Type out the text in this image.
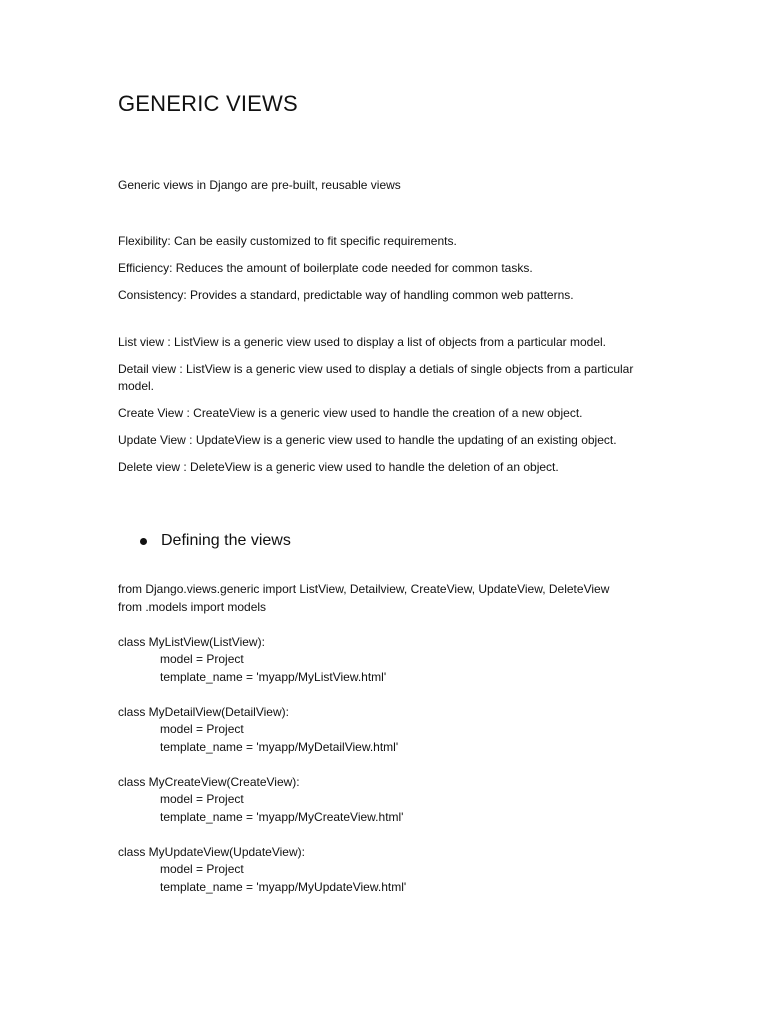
GENERIC VIEWS

Generic views in Django are pre-built, reusable views

Flexibility: Can be easily customized to fit specific requirements.

Efficiency: Reduces the amount of boilerplate code needed for common tasks.

Consistency: Provides a standard, predictable way of handling common web patterns.

List view : ListView is a generic view used to display a list of objects from a particular model.

Detail view : ListView is a generic view used to display a detials of single objects from a particular model.

Create View : CreateView is a generic view used to handle the creation of a new object.

Update View : UpdateView is a generic view used to handle the updating of an existing object.

Delete view : DeleteView is a generic view used to handle the deletion of an object.

Defining the views
from Django.views.generic import ListView, Detailview, CreateView, UpdateView, DeleteView
from .models import models
class MyListView(ListView):
model = Project
template_name = 'myapp/MyListView.html'
class MyDetailView(DetailView):
model = Project
template_name = 'myapp/MyDetailView.html'
class MyCreateView(CreateView):
model = Project
template_name = 'myapp/MyCreateView.html'
class MyUpdateView(UpdateView):
model = Project
template_name = 'myapp/MyUpdateView.html'
